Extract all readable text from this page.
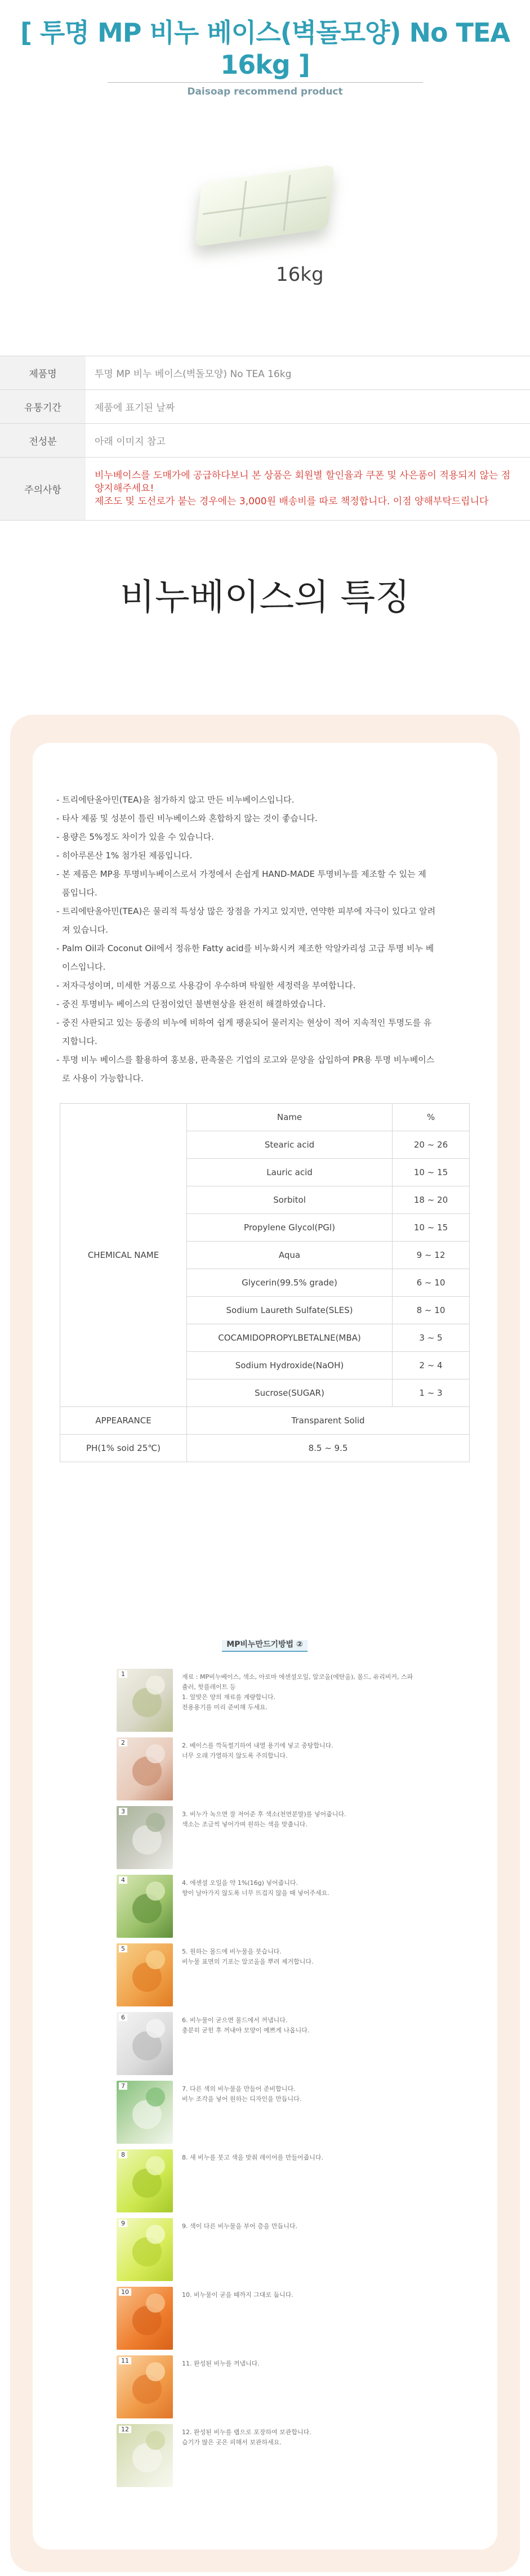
[ 투명 MP 비누 베이스(벽돌모양) No TEA 16kg ]
Daisoap recommend product
16kg
제품명	투명 MP 비누 베이스(벽돌모양) No TEA 16kg
유통기간	제품에 표기된 날짜
전성분	아래 이미지 참고
주의사항	비누베이스를 도매가에 공급하다보니 본 상품은 회원별 할인율과 쿠폰 및 사은품이 적용되지 않는 점 양지해주세요!
제조도 및 도선로가 붙는 경우에는 3,000원 배송비를 따로 책정합니다. 이점 양해부탁드립니다
비누베이스의 특징
- 트리에탄올아민(TEA)을 첨가하지 않고 만든 비누베이스입니다.
- 타사 제품 및 성분이 틀린 비누베이스와 혼합하지 않는 것이 좋습니다.
- 용량은 5%정도 차이가 있을 수 있습니다.
- 히아루론산 1% 첨가된 제품입니다.
- 본 제품은 MP용 투명비누베이스로서 가정에서 손쉽게 HAND-MADE 투명비누를 제조할 수 있는 제
품입니다.
- 트리에탄올아민(TEA)은 물리적 특성상 많은 장점을 가지고 있지만, 연약한 피부에 자극이 있다고 알려
져 있습니다.
- Palm Oil과 Coconut Oil에서 정유한 Fatty acid를 비누화시켜 제조한 악알카리성 고급 투명 비누 베
이스입니다.
- 저자극성이며, 미세한 거품으로 사용감이 우수하며 탁월한 세정력을 부여합니다.
- 중진 투명비누 베이스의 단점이었던 불변현상을 완전히 해결하였습니다.
- 중진 사판되고 있는 동종의 비누에 비하여 쉽게 팽윤되어 물러지는 현상이 적어 지속적인 투명도를 유
지합니다.
- 투명 비누 베이스를 활용하여 홍보용, 판촉물은 기업의 로고와 문양을 삽입하여 PR용 투명 비누베이스
로 사용이 가능합니다.
CHEMICAL NAME	Name	%
	Stearic acid	20 ~ 26
	Lauric acid	10 ~ 15
	Sorbitol	18 ~ 20
	Propylene Glycol(PGl)	10 ~ 15
	Aqua	9 ~ 12
	Glycerin(99.5% grade)	6 ~ 10
	Sodium Laureth Sulfate(SLES)	8 ~ 10
	COCAMIDOPROPYLBETALNE(MBA)	3 ~ 5
	Sodium Hydroxide(NaOH)	2 ~ 4
	Sucrose(SUGAR)	1 ~ 3
APPEARANCE	Transparent Solid	
PH(1% soid 25℃)	8.5 ~ 9.5	
MP비누만드기방법 ②
1	재료 : MP비누베이스, 색소, 아로마 에센셜오일, 알코올(에탄올), 몰드, 유리비커, 스파츌러, 핫플레이트 등
1. 알맞은 양의 재료를 계량합니다.
전용용기를 미리 준비해 두세요.
2	2. 베이스를 깍둑썰기하여 내열 용기에 넣고 중탕합니다.
너무 오래 가열하지 않도록 주의합니다.
3	3. 비누가 녹으면 잘 저어준 후 색소(천연분말)를 넣어줍니다.
색소는 조금씩 넣어가며 원하는 색을 맞춥니다.
4	4. 에센셜 오일을 약 1%(16g) 넣어줍니다.
향이 날아가지 않도록 너무 뜨겁지 않을 때 넣어주세요.
5	5. 원하는 몰드에 비누물을 붓습니다.
비누물 표면의 기포는 알코올을 뿌려 제거합니다.
6	6. 비누물이 굳으면 몰드에서 꺼냅니다.
충분히 굳힌 후 꺼내야 모양이 예쁘게 나옵니다.
7	7. 다른 색의 비누물을 만들어 준비합니다.
비누 조각을 넣어 원하는 디자인을 만듭니다.
8	8. 새 비누를 붓고 색을 맞춰 레이어를 만들어줍니다.
9	9. 색이 다른 비누물을 부어 층을 만듭니다.
10	10. 비누물이 굳을 때까지 그대로 둡니다.
11	11. 완성된 비누를 꺼냅니다.
12	12. 완성된 비누를 랩으로 포장하여 보관합니다.
습기가 많은 곳은 피해서 보관하세요.
